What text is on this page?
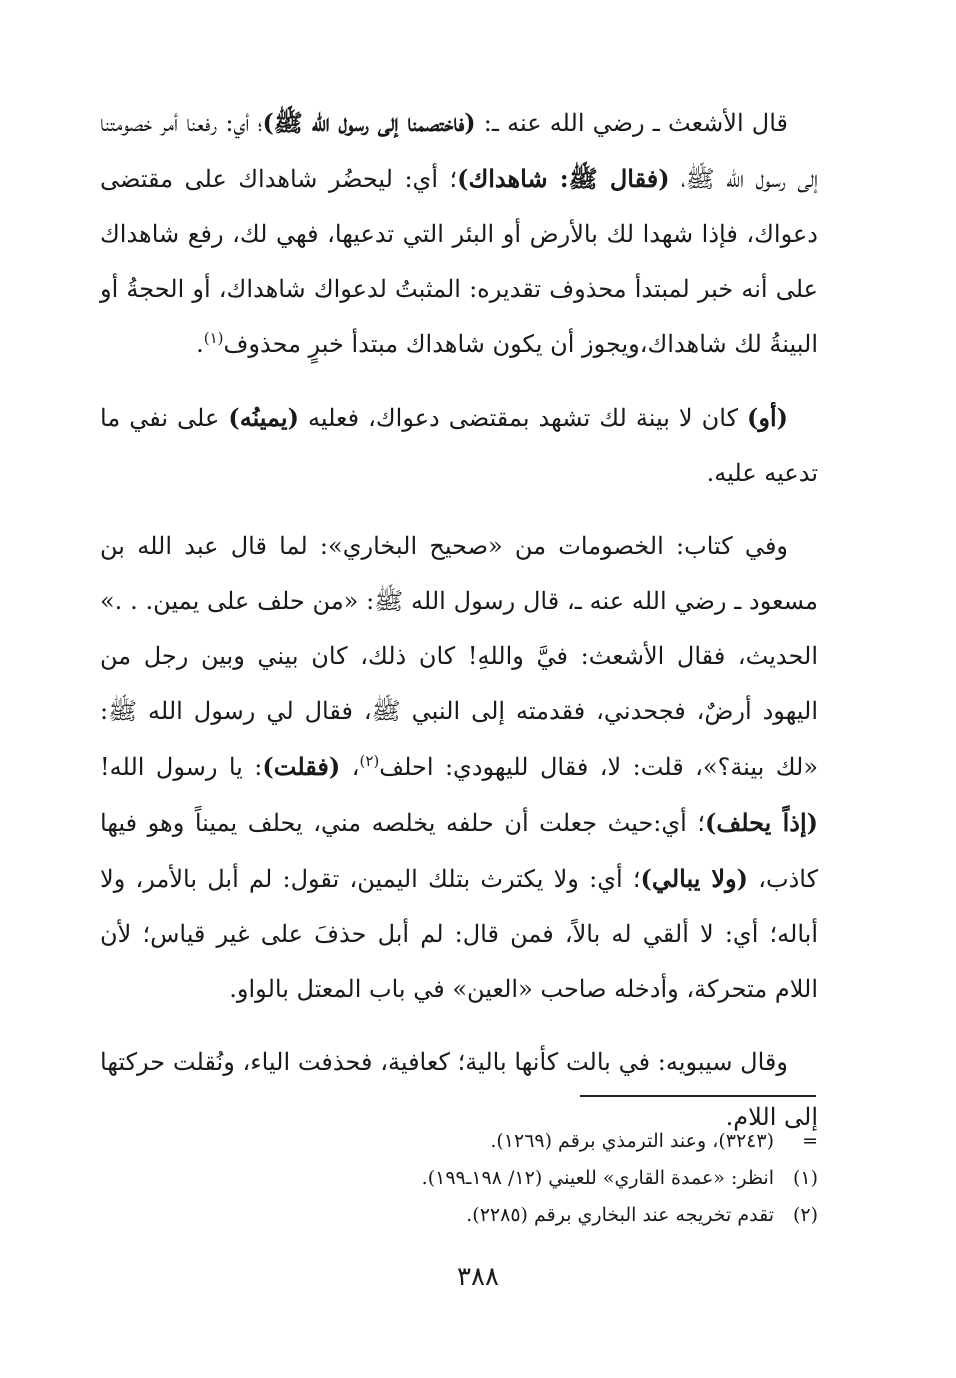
قال الأشعث ـ رضي الله عنه ـ: (فاختصمنا إلى رسول الله ﷺ)؛ أي: رفعنا أمر خصومتنا إلى رسول الله ﷺ، (فقال ﷺ: شاهداك)؛ أي: ليحضُر شاهداك على مقتضى دعواك، فإذا شهدا لك بالأرض أو البئر التي تدعيها، فهي لك، رفع شاهداك على أنه خبر لمبتدأ محذوف تقديره: المثبتُ لدعواك شاهداك، أو الحجةُ أو البينةُ لك شاهداك،ويجوز أن يكون شاهداك مبتدأ خبرٍ محذوف$^{(١)}$.

(أو) كان لا بينة لك تشهد بمقتضى دعواك، فعليه (يمينُه) على نفي ما تدعيه عليه.

وفي كتاب: الخصومات من «صحيح البخاري»: لما قال عبد الله بن مسعود ـ رضي الله عنه ـ، قال رسول الله ﷺ: «من حلف على يمين. . .» الحديث، فقال الأشعث: فيَّ واللهِ! كان ذلك، كان بيني وبين رجل من اليهود أرضٌ، فجحدني، فقدمته إلى النبي ﷺ، فقال لي رسول الله ﷺ: «لك بينة؟»، قلت: لا، فقال لليهودي: احلف$^{(٢)}$، (فقلت): يا رسول الله! (إذاً يحلف)؛ أي:حيث جعلت أن حلفه يخلصه مني، يحلف يميناً وهو فيها كاذب، (ولا يبالي)؛ أي: ولا يكترث بتلك اليمين، تقول: لم أبل بالأمر، ولا أباله؛ أي: لا ألقي له بالاً، فمن قال: لم أبل حذفَ على غير قياس؛ لأن اللام متحركة، وأدخله صاحب «العين» في باب المعتل بالواو.

وقال سيبويه: في بالت كأنها بالية؛ كعافية، فحذفت الياء، ونُقلت حركتها إلى اللام.

=
(٣٢٤٣)، وعند الترمذي برقم (١٢٦٩).
(١)
انظر: «عمدة القاري» للعيني (١٢/ ١٩٨ـ١٩٩).
(٢)
تقدم تخريجه عند البخاري برقم (٢٢٨٥).
٣٨٨
